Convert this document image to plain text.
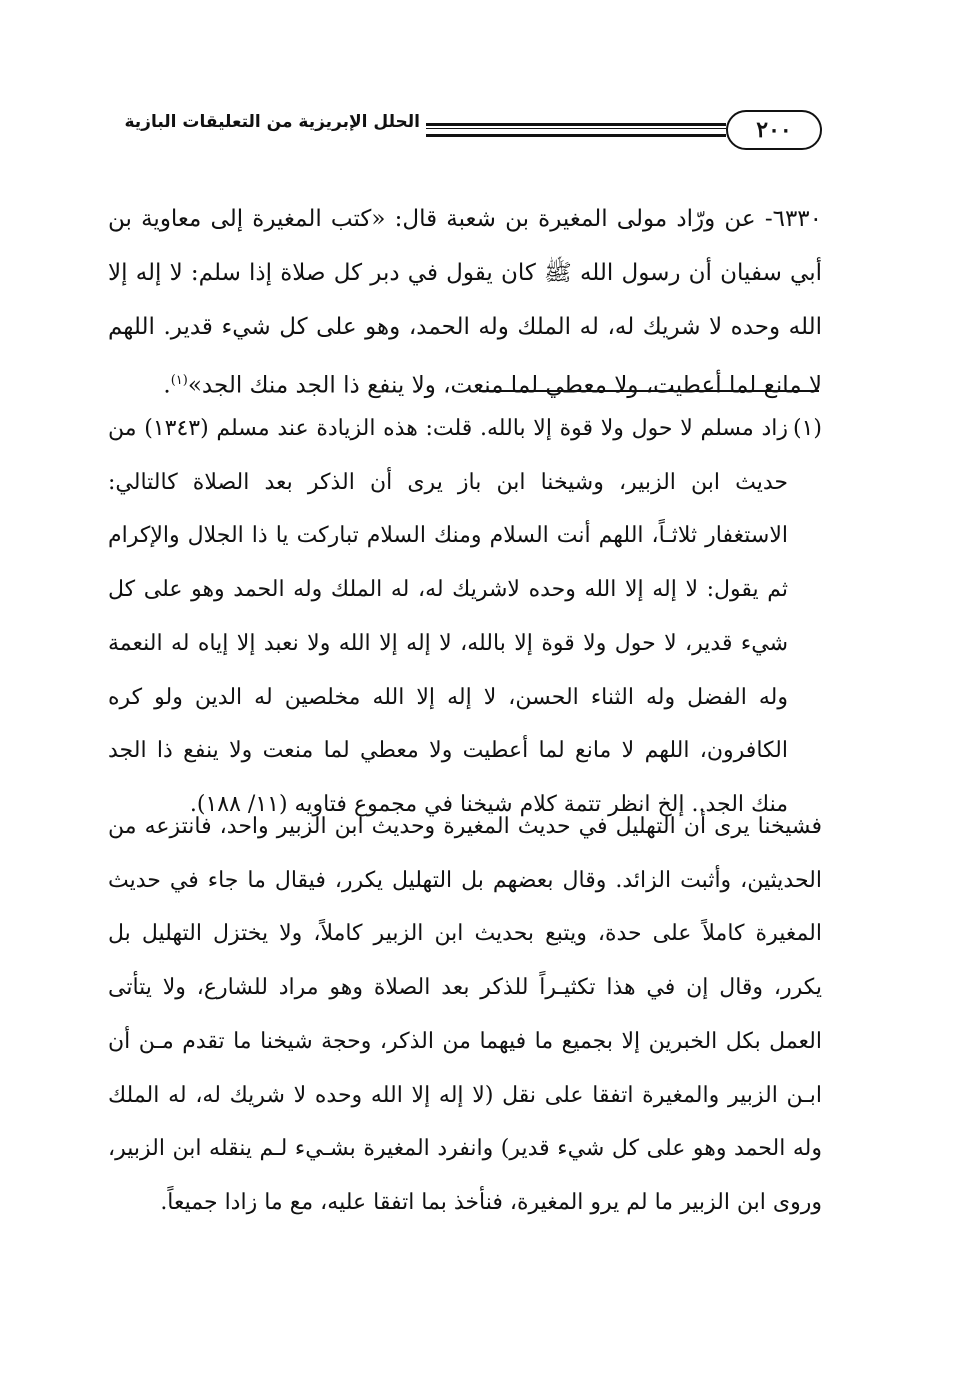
٢٠٠
الحلل الإبريزية من التعليقات البازية

٦٣٣٠- عن ورّاد مولى المغيرة بن شعبة قال: «كتب المغيرة إلى معاوية بن أبي سفيان أن رسول الله ﷺ كان يقول في دبر كل صلاة إذا سلم: لا إله إلا الله وحده لا شريك له، له الملك وله الحمد، وهو على كل شيء قدير. اللهم لا مانع لما أعطيت، ولا معطي لما منعت، ولا ينفع ذا الجد منك الجد»$^{(١)}$.

(١)
زاد مسلم لا حول ولا قوة إلا بالله. قلت: هذه الزيادة عند مسلم (١٣٤٣) من حديث ابن الزبير، وشيخنا ابن باز يرى أن الذكر بعد الصلاة كالتالي: الاستغفار ثلاثـاً، اللهم أنت السلام ومنك السلام تباركت يا ذا الجلال والإكرام ثم يقول: لا إله إلا الله وحده لاشريك له، له الملك وله الحمد وهو على كل شيء قدير، لا حول ولا قوة إلا بالله، لا إله إلا الله ولا نعبد إلا إياه له النعمة وله الفضل وله الثناء الحسن، لا إله إلا الله مخلصين له الدين ولو كره الكافرون، اللهم لا مانع لما أعطيت ولا معطي لما منعت ولا ينفع ذا الجد منك الجد.. إلخ انظر تتمة كلام شيخنا في مجموع فتاويه (١١/ ١٨٨).

فشيخنا يرى أن التهليل في حديث المغيرة وحديث ابن الزبير واحد، فانتزعه من الحديثين، وأثبت الزائد. وقال بعضهم بل التهليل يكرر، فيقال ما جاء في حديث المغيرة كاملاً على حدة، ويتبع بحديث ابن الزبير كاملاً، ولا يختزل التهليل بل يكرر، وقال إن في هذا تكثيـراً للذكر بعد الصلاة وهو مراد للشارع، ولا يتأتى العمل بكل الخبرين إلا بجميع ما فيهما من الذكر، وحجة شيخنا ما تقدم مـن أن ابـن الزبير والمغيرة اتفقا على نقل (لا إله إلا الله وحده لا شريك له، له الملك وله الحمد وهو على كل شيء قدير) وانفرد المغيرة بشـيء لـم ينقله ابن الزبير، وروى ابن الزبير ما لم يرو المغيرة، فنأخذ بما اتفقا عليه، مع ما زادا جميعاً.
